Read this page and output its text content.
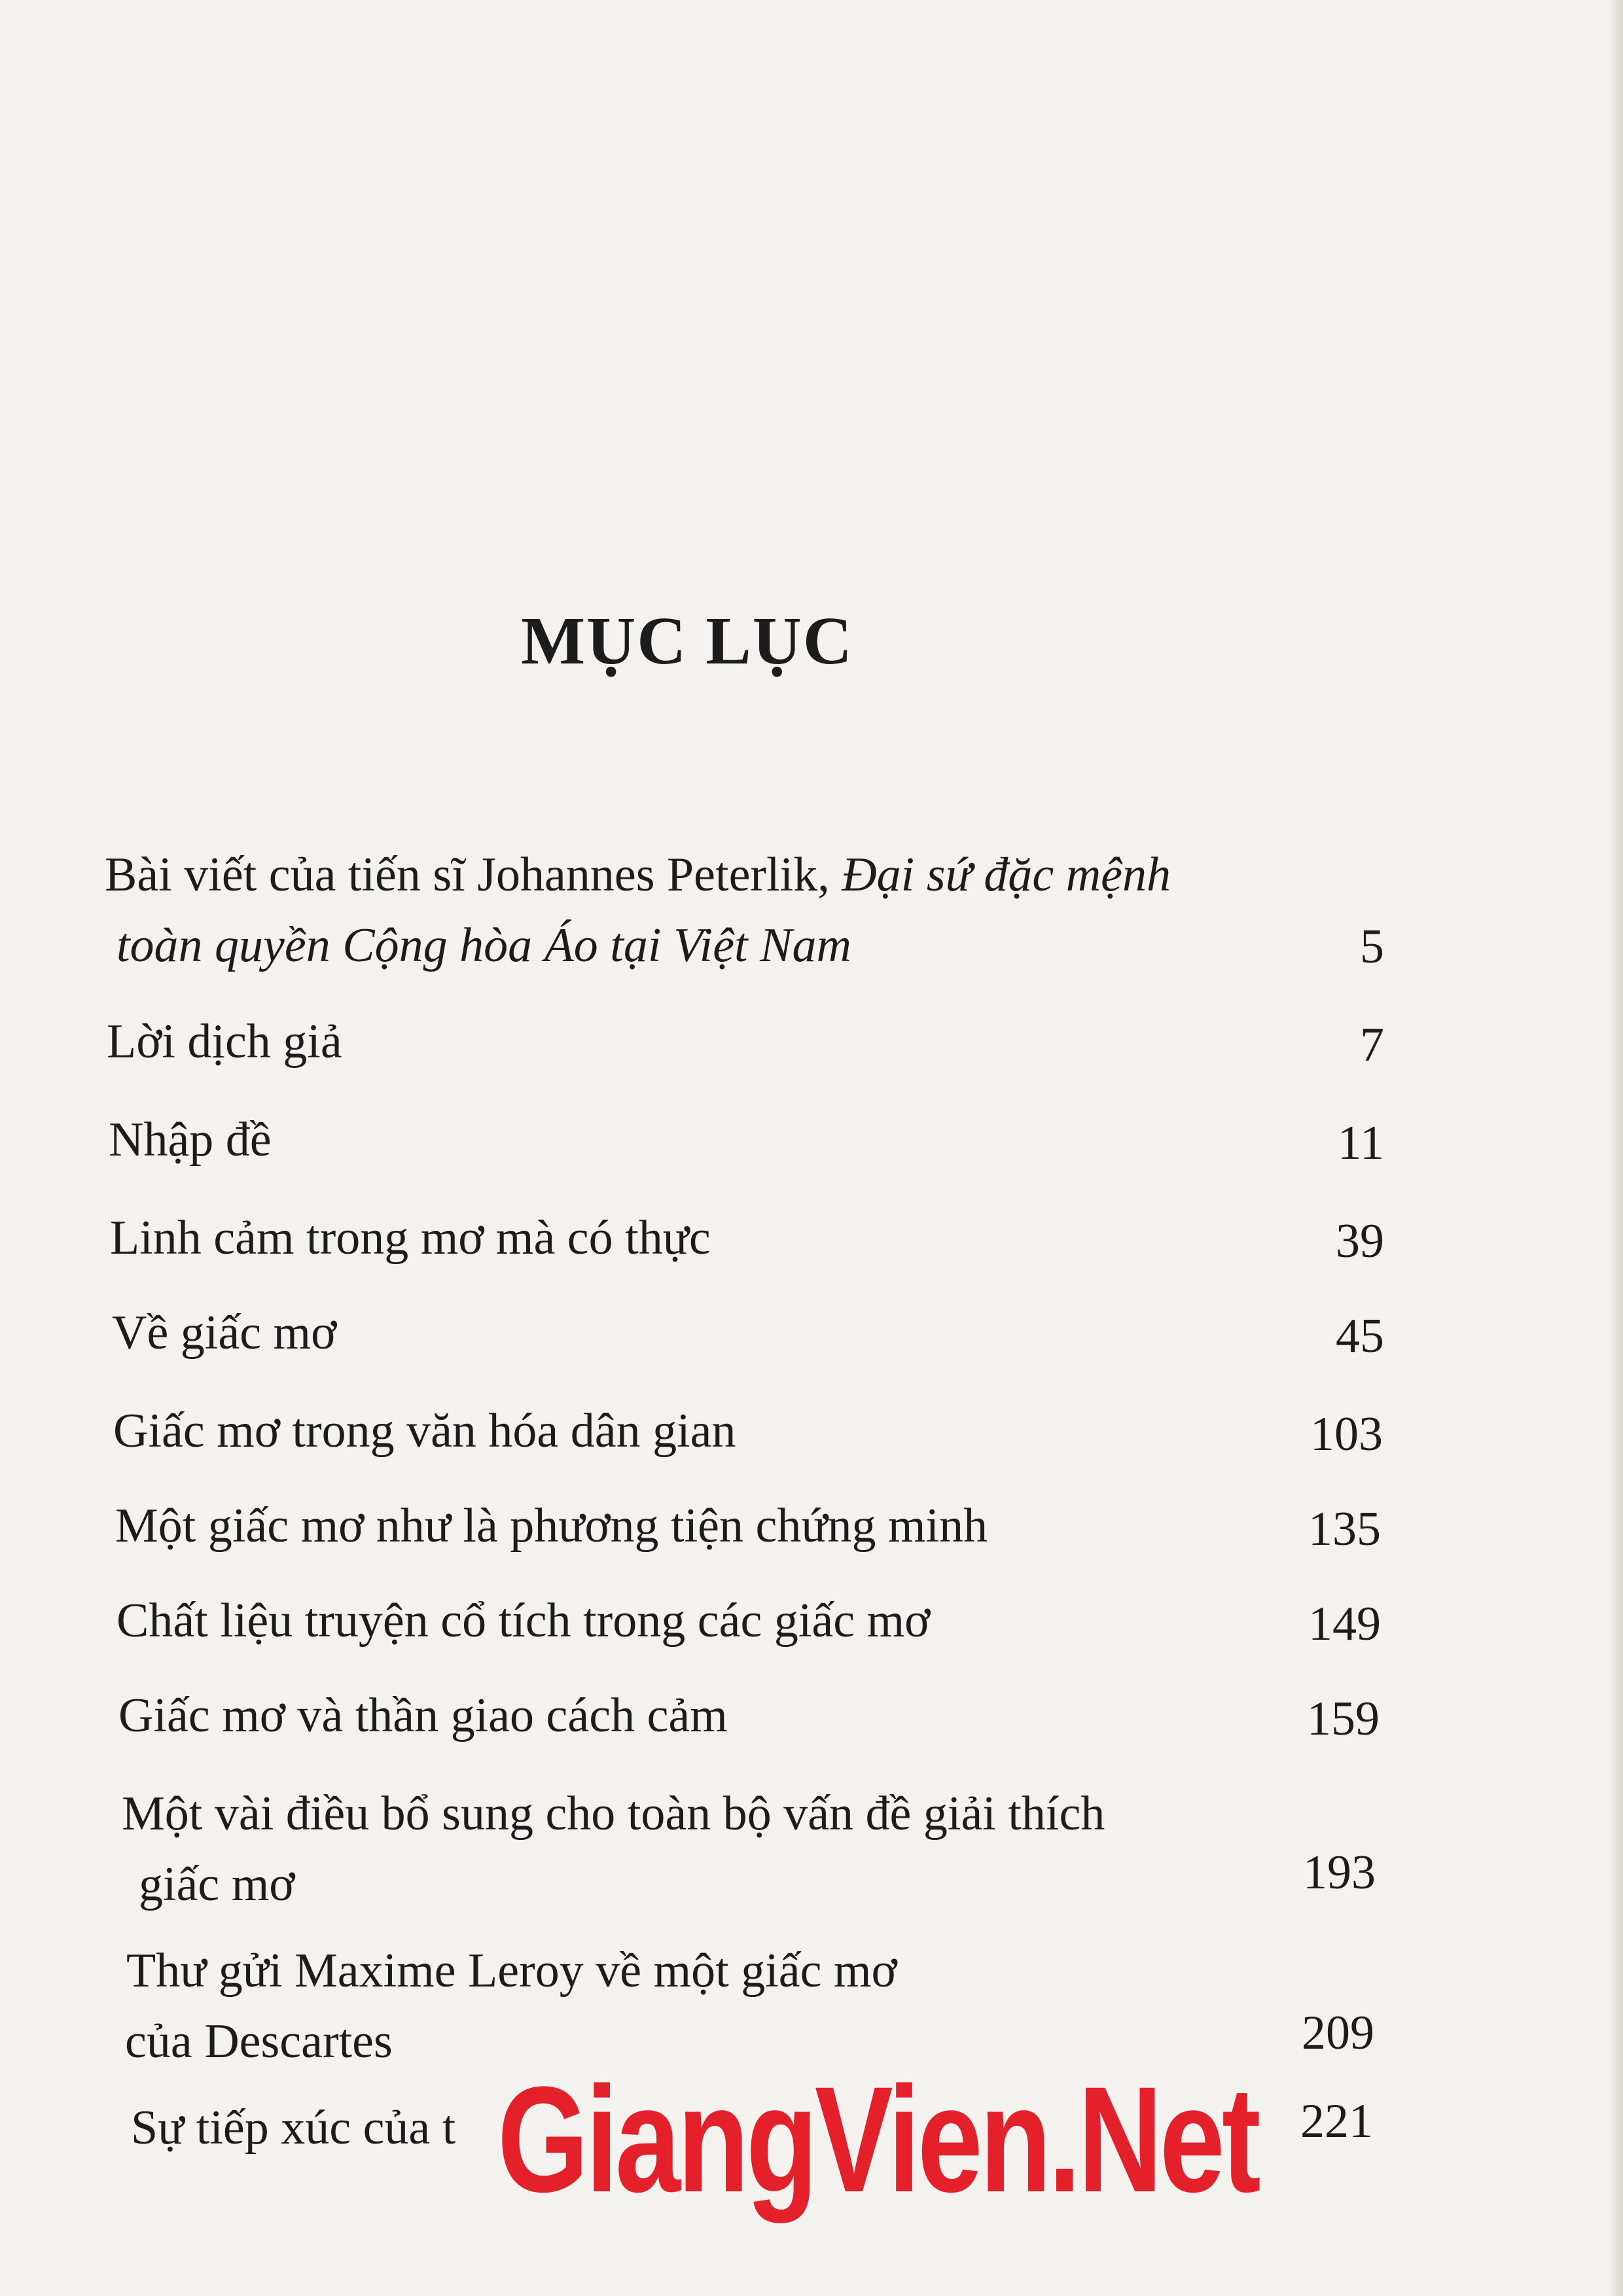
MỤC LỤC
Bài viết của tiến sĩ Johannes Peterlik, Đại sứ đặc mệnh
toàn quyền Cộng hòa Áo tại Việt Nam	5
Lời dịch giả	7
Nhập đề	11
Linh cảm trong mơ mà có thực	39
Về giấc mơ	45
Giấc mơ trong văn hóa dân gian	103
Một giấc mơ như là phương tiện chứng minh	135
Chất liệu truyện cổ tích trong các giấc mơ	149
Giấc mơ và thần giao cách cảm	159
Một vài điều bổ sung cho toàn bộ vấn đề giải thích
giấc mơ	193
Thư gửi Maxime Leroy về một giấc mơ
của Descartes	209
Sự tiếp xúc của t	221
GiangVien.Net
